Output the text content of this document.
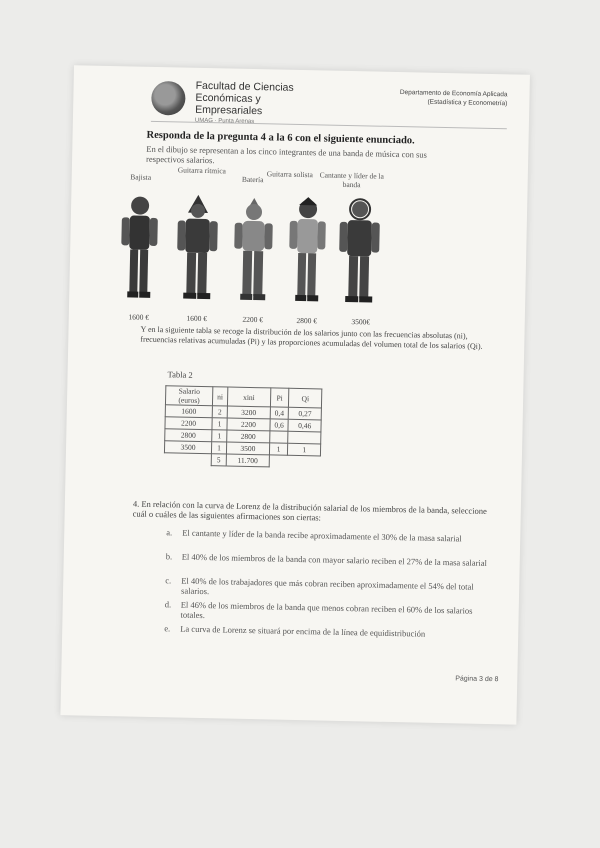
Facultad de Ciencias
Económicas y Empresariales
UMAG · Punta Arenas
Departamento de Economía Aplicada
(Estadística y Econometría)
Responda de la pregunta 4 a la 6 con el siguiente enunciado.
En el dibujo se representan a los cinco integrantes de una banda de música con sus respectivos salarios.
Bajista
Guitarra rítmica
Batería
Guitarra solista Cantante y líder de la banda
1600 €	1600 €	2200 €	2800 €	3500€
Y en la siguiente tabla se recoge la distribución de los salarios junto con las frecuencias absolutas (ni), frecuencias relativas acumuladas (Pi) y las proporciones acumuladas del volumen total de los salarios (Qi).
Tabla 2
Salario (euros)	ni	xini	Pi	Qi
1600	2	3200	0,4	0,27
2200	1	2200	0,6	0,46
2800	1	2800		
3500	1	3500	1	1
	5	11.700		
4. En relación con la curva de Lorenz de la distribución salarial de los miembros de la banda, seleccione cuál o cuáles de las siguientes afirmaciones son ciertas:
a. El cantante y líder de la banda recibe aproximadamente el 30% de la masa salarial
b. El 40% de los miembros de la banda con mayor salario reciben el 27% de la masa salarial
c. El 40% de los trabajadores que más cobran reciben aproximadamente el 54% del total salarios.
d. El 46% de los miembros de la banda que menos cobran reciben el 60% de los salarios totales.
e. La curva de Lorenz se situará por encima de la línea de equidistribución
Página 3 de 8
